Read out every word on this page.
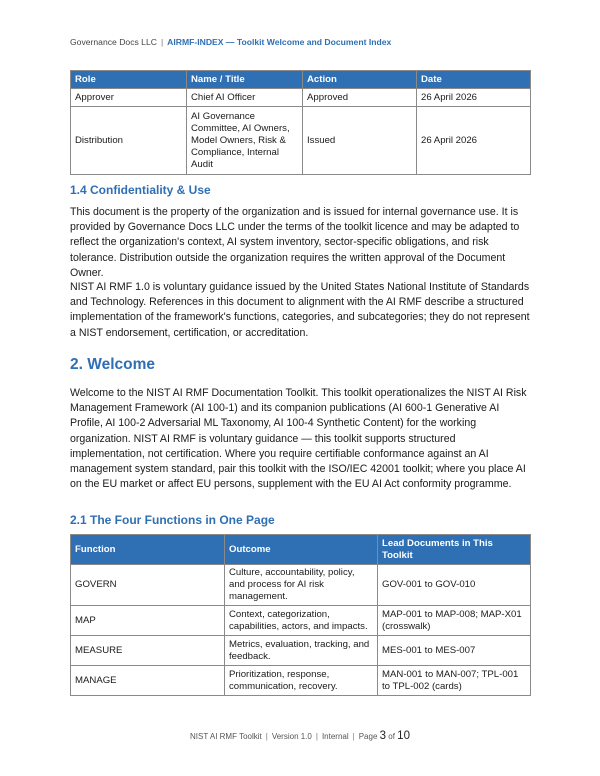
Governance Docs LLC | AIRMF-INDEX — Toolkit Welcome and Document Index
Role	Name / Title	Action	Date
Approver	Chief AI Officer	Approved	26 April 2026
Distribution	AI Governance Committee, AI Owners, Model Owners, Risk & Compliance, Internal Audit	Issued	26 April 2026
1.4 Confidentiality & Use

This document is the property of the organization and is issued for internal governance use. It is provided by Governance Docs LLC under the terms of the toolkit licence and may be adapted to reflect the organization's context, AI system inventory, sector-specific obligations, and risk tolerance. Distribution outside the organization requires the written approval of the Document Owner.

NIST AI RMF 1.0 is voluntary guidance issued by the United States National Institute of Standards and Technology. References in this document to alignment with the AI RMF describe a structured implementation of the framework's functions, categories, and subcategories; they do not represent a NIST endorsement, certification, or accreditation.

2. Welcome

Welcome to the NIST AI RMF Documentation Toolkit. This toolkit operationalizes the NIST AI Risk Management Framework (AI 100-1) and its companion publications (AI 600-1 Generative AI Profile, AI 100-2 Adversarial ML Taxonomy, AI 100-4 Synthetic Content) for the working organization. NIST AI RMF is voluntary guidance — this toolkit supports structured implementation, not certification. Where you require certifiable conformance against an AI management system standard, pair this toolkit with the ISO/IEC 42001 toolkit; where you place AI on the EU market or affect EU persons, supplement with the EU AI Act conformity programme.

2.1 The Four Functions in One Page
Function	Outcome	Lead Documents in This Toolkit
GOVERN	Culture, accountability, policy, and process for AI risk management.	GOV-001 to GOV-010
MAP	Context, categorization, capabilities, actors, and impacts.	MAP-001 to MAP-008; MAP-X01 (crosswalk)
MEASURE	Metrics, evaluation, tracking, and feedback.	MES-001 to MES-007
MANAGE	Prioritization, response, communication, recovery.	MAN-001 to MAN-007; TPL-001 to TPL-002 (cards)
NIST AI RMF Toolkit | Version 1.0 | Internal | Page 3 of 10
